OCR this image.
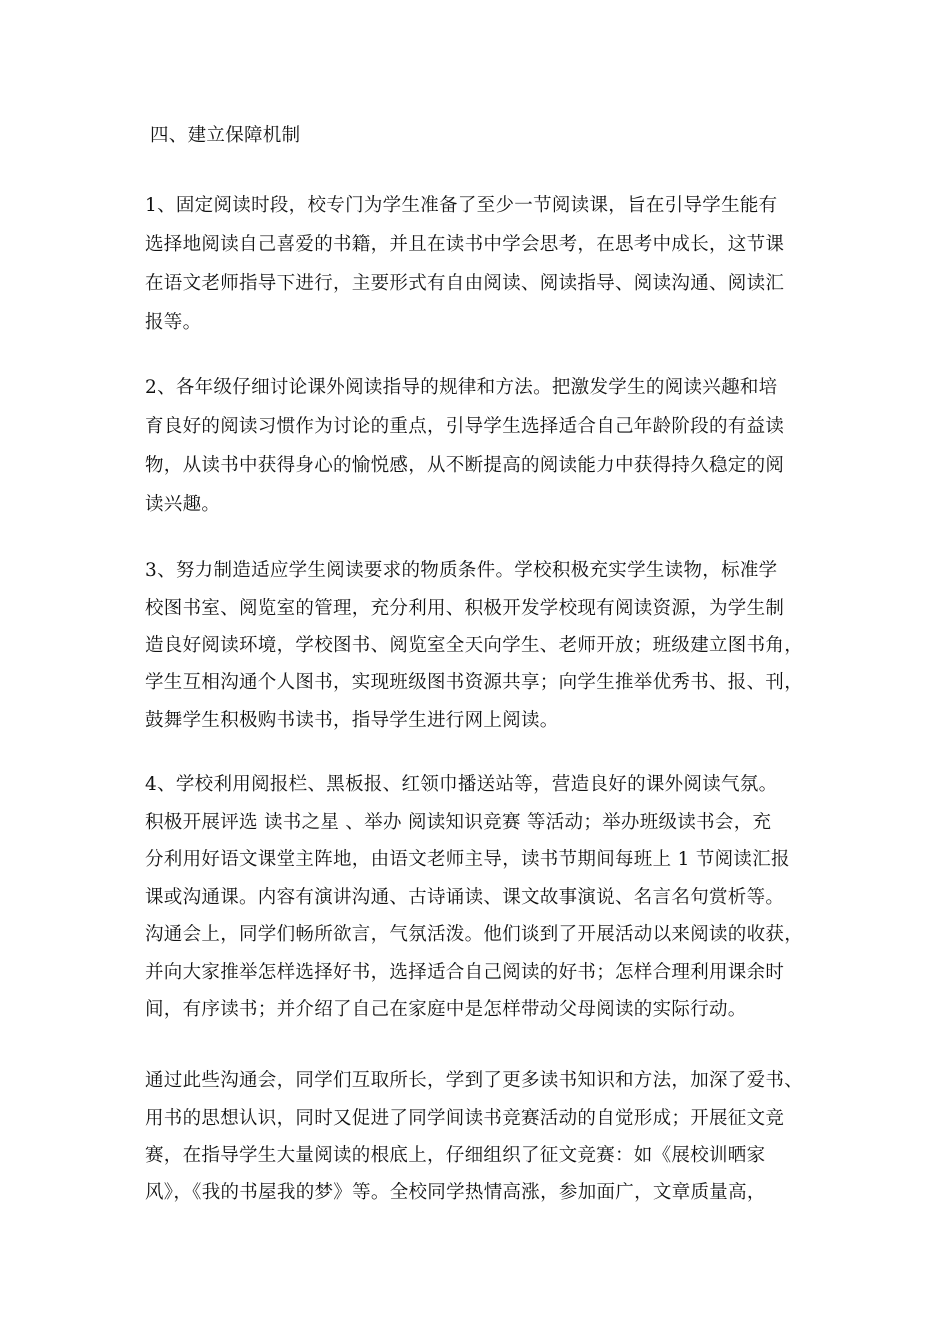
四、建立保障机制
1、固定阅读时段，校专门为学生准备了至少一节阅读课，旨在引导学生能有
选择地阅读自己喜爱的书籍，并且在读书中学会思考，在思考中成长，这节课
在语文老师指导下进行，主要形式有自由阅读、阅读指导、阅读沟通、阅读汇
报等。
2、各年级仔细讨论课外阅读指导的规律和方法。把激发学生的阅读兴趣和培
育良好的阅读习惯作为讨论的重点，引导学生选择适合自己年龄阶段的有益读
物，从读书中获得身心的愉悦感，从不断提高的阅读能力中获得持久稳定的阅
读兴趣。
3、努力制造适应学生阅读要求的物质条件。学校积极充实学生读物，标准学
校图书室、阅览室的管理，充分利用、积极开发学校现有阅读资源，为学生制
造良好阅读环境，学校图书、阅览室全天向学生、老师开放；班级建立图书角，
学生互相沟通个人图书，实现班级图书资源共享；向学生推举优秀书、报、刊，
鼓舞学生积极购书读书，指导学生进行网上阅读。
4、学校利用阅报栏、黑板报、红领巾播送站等，营造良好的课外阅读气氛。
积极开展评选 读书之星 、举办 阅读知识竞赛 等活动；举办班级读书会，充
分利用好语文课堂主阵地，由语文老师主导，读书节期间每班上 1 节阅读汇报
课或沟通课。内容有演讲沟通、古诗诵读、课文故事演说、名言名句赏析等。
沟通会上，同学们畅所欲言，气氛活泼。他们谈到了开展活动以来阅读的收获，
并向大家推举怎样选择好书，选择适合自己阅读的好书；怎样合理利用课余时
间，有序读书；并介绍了自己在家庭中是怎样带动父母阅读的实际行动。
通过此些沟通会，同学们互取所长，学到了更多读书知识和方法，加深了爱书、
用书的思想认识，同时又促进了同学间读书竞赛活动的自觉形成；开展征文竞
赛，在指导学生大量阅读的根底上，仔细组织了征文竞赛：如《展校训晒家
风》，《我的书屋我的梦》等。全校同学热情高涨，参加面广，文章质量高，
